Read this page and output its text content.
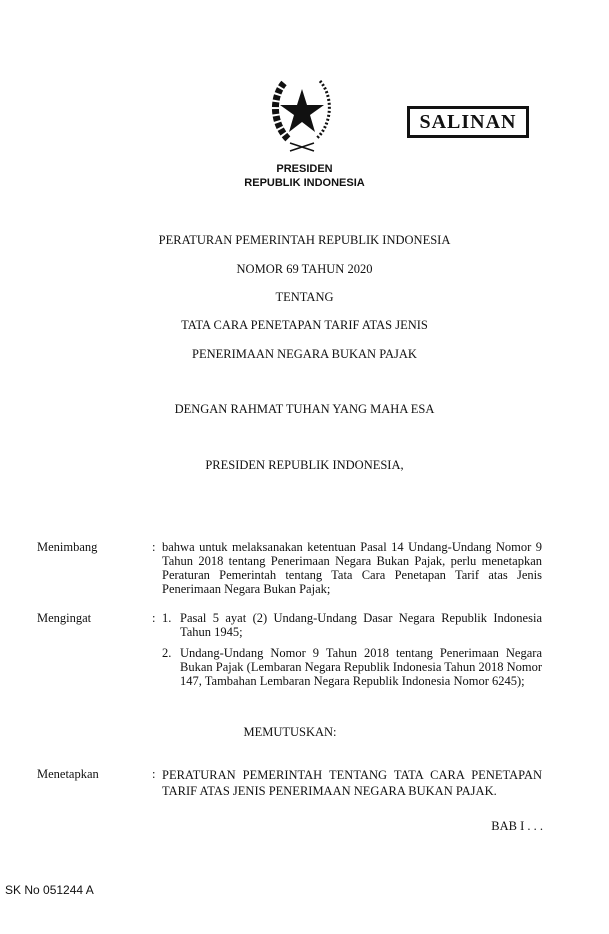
SALINAN
PRESIDEN
REPUBLIK INDONESIA
PERATURAN PEMERINTAH REPUBLIK INDONESIA
NOMOR 69 TAHUN 2020
TENTANG
TATA CARA PENETAPAN TARIF ATAS JENIS
PENERIMAAN NEGARA BUKAN PAJAK
DENGAN RAHMAT TUHAN YANG MAHA ESA
PRESIDEN REPUBLIK INDONESIA,
Menimbang	: bahwa untuk melaksanakan ketentuan Pasal 14 Undang-Undang Nomor 9 Tahun 2018 tentang Penerimaan Negara Bukan Pajak, perlu menetapkan Peraturan Pemerintah tentang Tata Cara Penetapan Tarif atas Jenis Penerimaan Negara Bukan Pajak;
Mengingat	: 1. Pasal 5 ayat (2) Undang-Undang Dasar Negara Republik Indonesia Tahun 1945;
2. Undang-Undang Nomor 9 Tahun 2018 tentang Penerimaan Negara Bukan Pajak (Lembaran Negara Republik Indonesia Tahun 2018 Nomor 147, Tambahan Lembaran Negara Republik Indonesia Nomor 6245);
MEMUTUSKAN:
Menetapkan	: PERATURAN PEMERINTAH TENTANG TATA CARA PENETAPAN TARIF ATAS JENIS PENERIMAAN NEGARA BUKAN PAJAK.
BAB I . . .
SK No 051244 A
